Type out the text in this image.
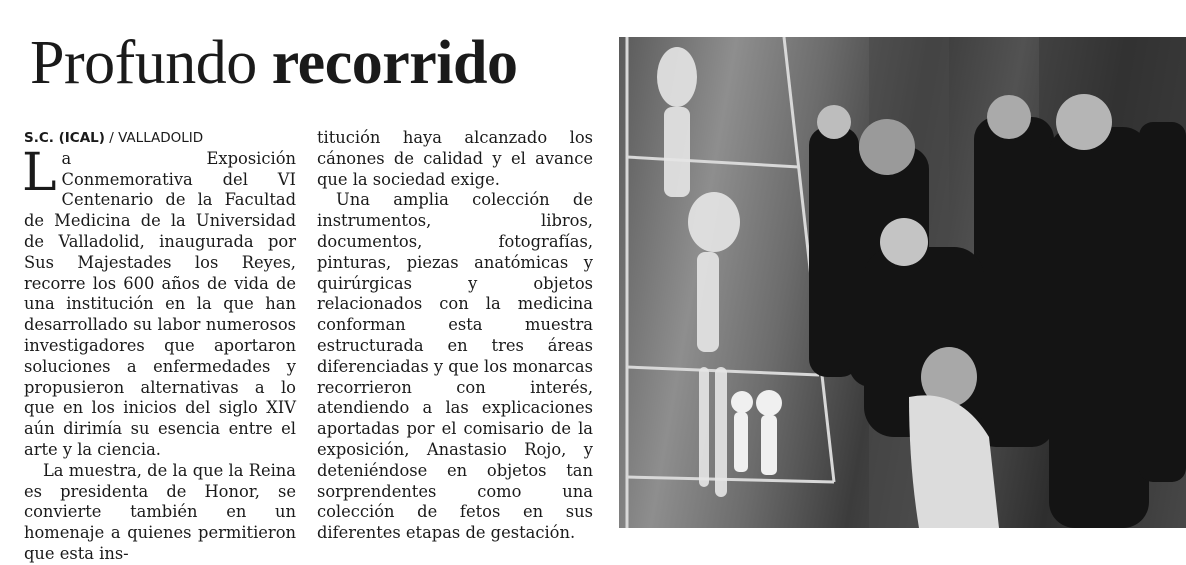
Profundo recorrido
S.C. (ICAL) / VALLADOLID

La Exposición Conmemorativa del VI Centenario de la Facultad de Medicina de la Universidad de Valladolid, inaugurada por Sus Majestades los Reyes, recorre los 600 años de vida de una institución en la que han desarrollado su labor numerosos investigadores que aportaron soluciones a enfermedades y propusieron alternativas a lo que en los inicios del siglo XIV aún dirimía su esencia entre el arte y la ciencia.

La muestra, de la que la Reina es presidenta de Honor, se convierte también en un homenaje a quienes permitieron que esta ins-

titución haya alcanzado los cánones de calidad y el avance que la sociedad exige.

Una amplia colección de instrumentos, libros, documentos, fotografías, pinturas, piezas anatómicas y quirúrgicas y objetos relacionados con la medicina conforman esta muestra estructurada en tres áreas diferenciadas y que los monarcas recorrieron con interés, atendiendo a las explicaciones aportadas por el comisario de la exposición, Anastasio Rojo, y deteniéndose en objetos tan sorprendentes como una colección de fetos en sus diferentes etapas de gestación.
